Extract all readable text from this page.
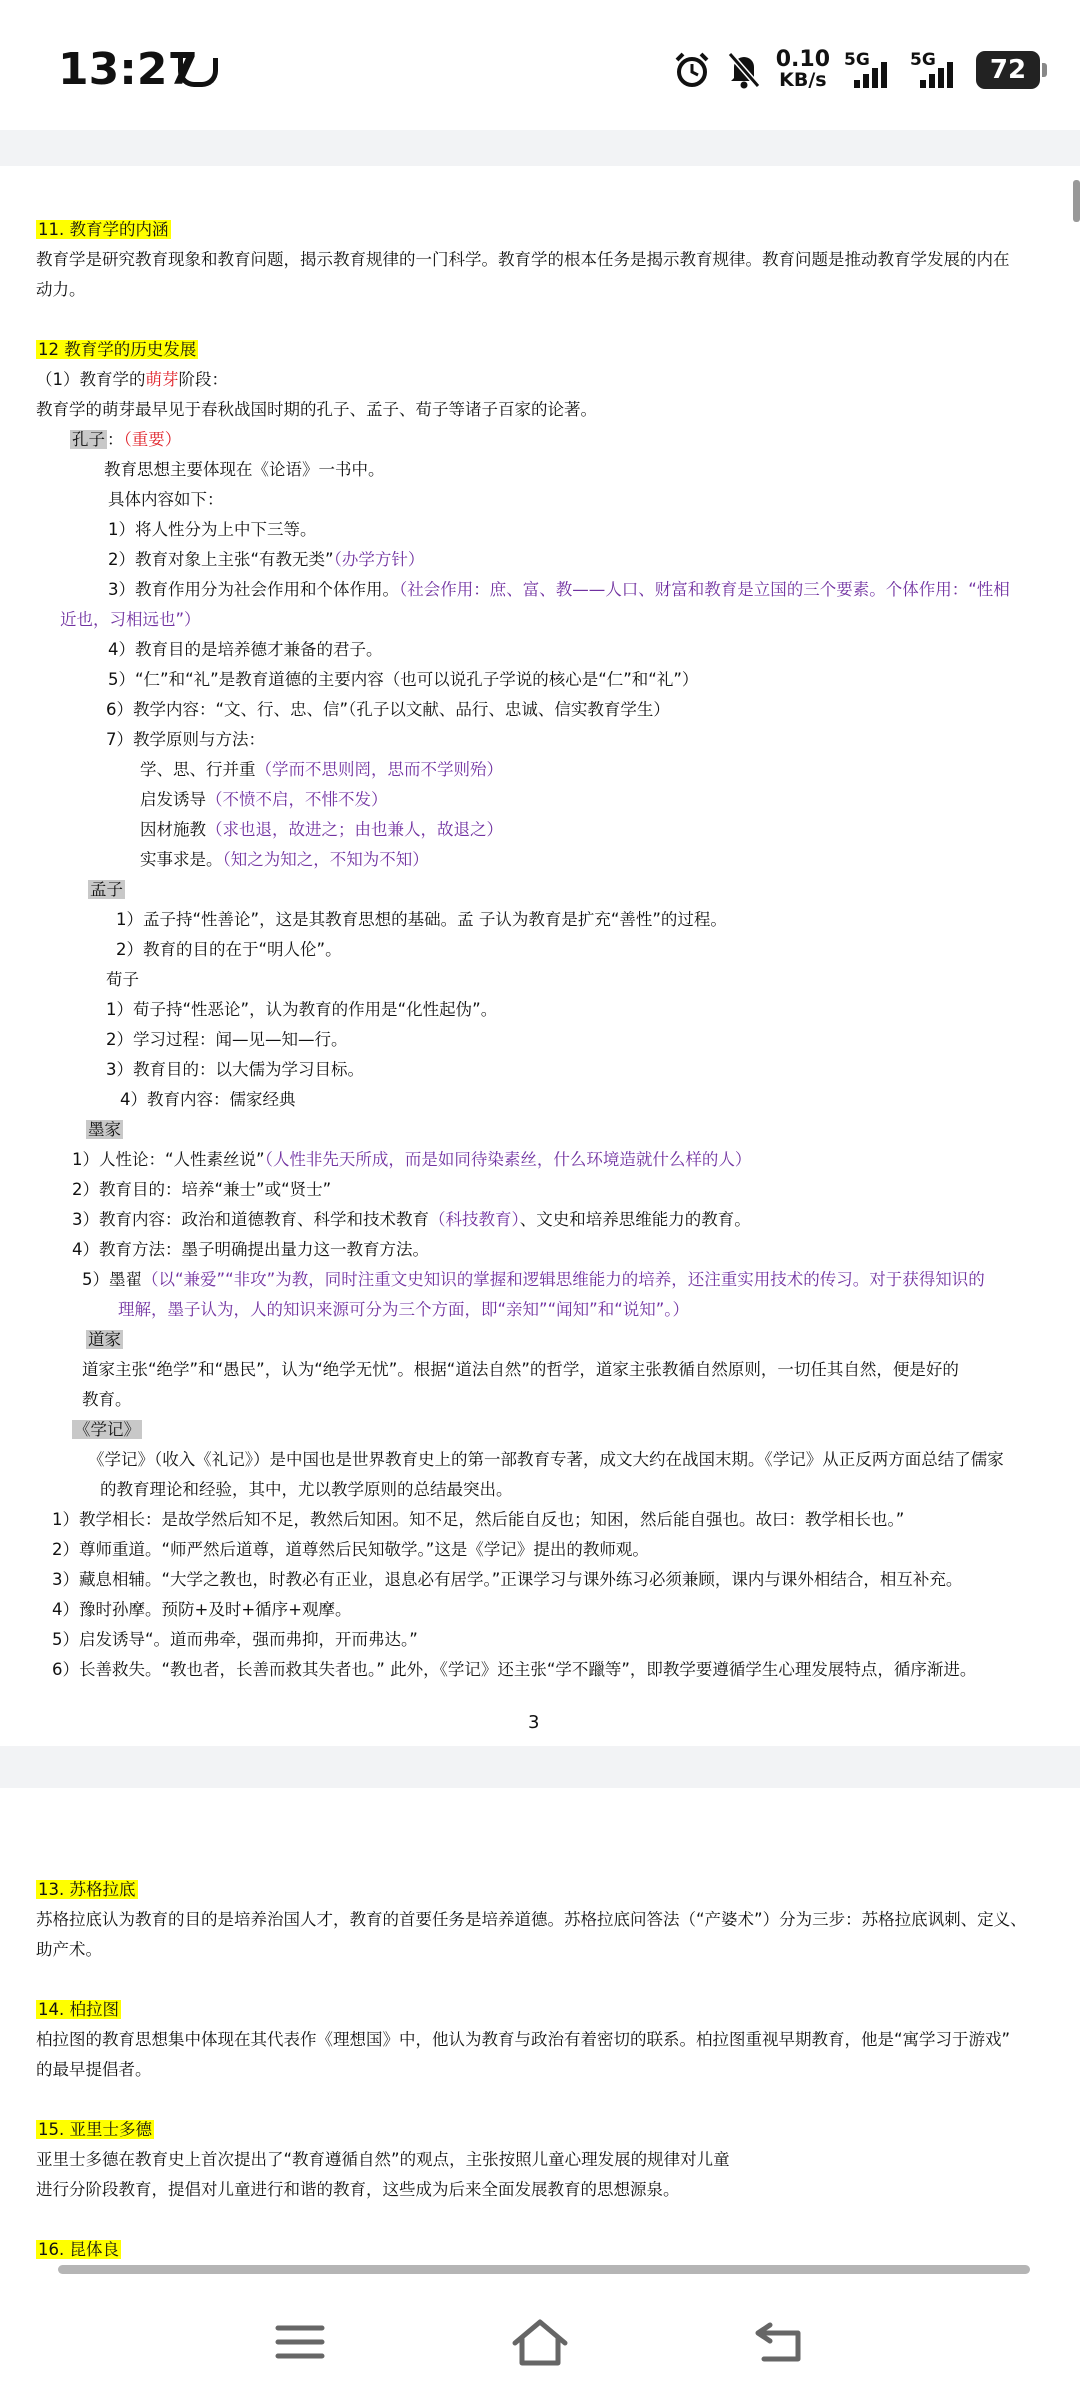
13:27	0.10
KB/s
5G 5G 72
11. 教育学的内涵
教育学是研究教育现象和教育问题，揭示教育规律的一门科学。教育学的根本任务是揭示教育规律。教育问题是推动教育学发展的内在
动力。
12 教育学的历史发展
（1）教育学的萌芽阶段：
教育学的萌芽最早见于春秋战国时期的孔子、孟子、荀子等诸子百家的论著。
孔子 ：（重要）
教育思想主要体现在《论语》一书中。
具体内容如下：
1）将人性分为上中下三等。
2）教育对象上主张“有教无类”（办学方针）
3）教育作用分为社会作用和个体作用。（社会作用：庶、富、教——人口、财富和教育是立国的三个要素。个体作用：“性相
近也，习相远也”）
4）教育目的是培养德才兼备的君子。
5）“仁”和“礼”是教育道德的主要内容（也可以说孔子学说的核心是“仁”和“礼”）
6）教学内容：“文、行、忠、信”（孔子以文献、品行、忠诚、信实教育学生）
7）教学原则与方法：
学、思、行并重（学而不思则罔，思而不学则殆）
启发诱导（不愤不启，不悱不发）
因材施教（求也退，故进之；由也兼人，故退之）
实事求是。（知之为知之，不知为不知）
孟子
1）孟子持“性善论”，这是其教育思想的基础。孟 子认为教育是扩充“善性”的过程。
2）教育的目的在于“明人伦”。
荀子
1）荀子持“性恶论”，认为教育的作用是“化性起伪”。
2）学习过程：闻—见—知—行。
3）教育目的：以大儒为学习目标。
4）教育内容：儒家经典
墨家
1）人性论：“人性素丝说”（人性非先天所成，而是如同待染素丝，什么环境造就什么样的人）
2）教育目的：培养“兼士”或“贤士”
3）教育内容：政治和道德教育、科学和技术教育（科技教育）、文史和培养思维能力的教育。
4）教育方法：墨子明确提出量力这一教育方法。
5）墨翟（以“兼爱”“非攻”为教，同时注重文史知识的掌握和逻辑思维能力的培养，还注重实用技术的传习。对于获得知识的
理解，墨子认为，人的知识来源可分为三个方面，即“亲知”“闻知”和“说知”。）
道家
道家主张“绝学”和“愚民”，认为“绝学无忧”。根据“道法自然”的哲学，道家主张教循自然原则，一切任其自然，便是好的
教育。
《学记》
《学记》（收入《礼记》）是中国也是世界教育史上的第一部教育专著，成文大约在战国末期。《学记》从正反两方面总结了儒家
的教育理论和经验，其中，尤以教学原则的总结最突出。
1）教学相长：是故学然后知不足，教然后知困。知不足，然后能自反也；知困，然后能自强也。故曰：教学相长也。”
2）尊师重道。“师严然后道尊，道尊然后民知敬学。”这是《学记》提出的教师观。
3）藏息相辅。“大学之教也，时教必有正业，退息必有居学。”正课学习与课外练习必须兼顾，课内与课外相结合，相互补充。
4）豫时孙摩。预防+及时+循序+观摩。
5）启发诱导“。道而弗牵，强而弗抑，开而弗达。”
6）长善救失。“教也者，长善而救其失者也。” 此外，《学记》还主张“学不躐等”，即教学要遵循学生心理发展特点，循序渐进。
3
13. 苏格拉底
苏格拉底认为教育的目的是培养治国人才，教育的首要任务是培养道德。苏格拉底问答法（“产婆术”）分为三步：苏格拉底讽刺、定义、
助产术。
14. 柏拉图
柏拉图的教育思想集中体现在其代表作《理想国》中，他认为教育与政治有着密切的联系。柏拉图重视早期教育，他是“寓学习于游戏”
的最早提倡者。
15. 亚里士多德
亚里士多德在教育史上首次提出了“教育遵循自然”的观点，主张按照儿童心理发展的规律对儿童
进行分阶段教育，提倡对儿童进行和谐的教育，这些成为后来全面发展教育的思想源泉。
16. 昆体良
